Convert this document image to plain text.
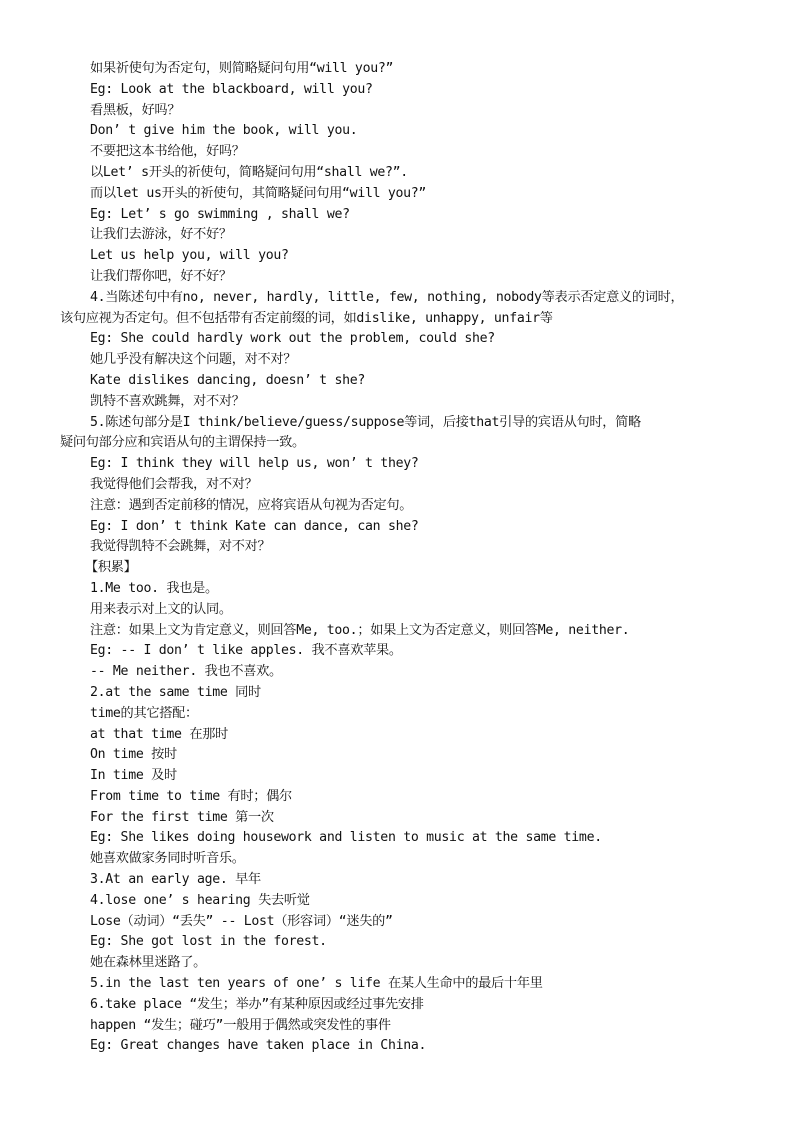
如果祈使句为否定句，则简略疑问句用“will you?”
Eg: Look at the blackboard, will you?
看黑板，好吗？
Don’ t give him the book, will you.
不要把这本书给他，好吗？
以Let’ s开头的祈使句，简略疑问句用“shall we?”.
而以let us开头的祈使句，其简略疑问句用“will you?”
Eg: Let’ s go swimming , shall we?
让我们去游泳，好不好？
Let us help you, will you?
让我们帮你吧，好不好？
4.当陈述句中有no, never, hardly, little, few, nothing, nobody等表示否定意义的词时，
该句应视为否定句。但不包括带有否定前缀的词，如dislike, unhappy, unfair等
Eg: She could hardly work out the problem, could she?
她几乎没有解决这个问题，对不对？
Kate dislikes dancing, doesn’ t she?
凯特不喜欢跳舞，对不对？
5.陈述句部分是I think/believe/guess/suppose等词，后接that引导的宾语从句时，简略
疑问句部分应和宾语从句的主谓保持一致。
Eg: I think they will help us, won’ t they?
我觉得他们会帮我，对不对？
注意：遇到否定前移的情况，应将宾语从句视为否定句。
Eg: I don’ t think Kate can dance, can she?
我觉得凯特不会跳舞，对不对？
【积累】
1.Me too. 我也是。
用来表示对上文的认同。
注意：如果上文为肯定意义，则回答Me, too.；如果上文为否定意义，则回答Me, neither.
Eg: -- I don’ t like apples. 我不喜欢苹果。
-- Me neither. 我也不喜欢。
2.at the same time 同时
time的其它搭配：
at that time 在那时
On time 按时
In time 及时
From time to time 有时；偶尔
For the first time 第一次
Eg: She likes doing housework and listen to music at the same time.
她喜欢做家务同时听音乐。
3.At an early age. 早年
4.lose one’ s hearing 失去听觉
Lose（动词）“丢失” -- Lost（形容词）“迷失的”
Eg: She got lost in the forest.
她在森林里迷路了。
5.in the last ten years of one’ s life 在某人生命中的最后十年里
6.take place “发生；举办”有某种原因或经过事先安排
happen “发生；碰巧”一般用于偶然或突发性的事件
Eg: Great changes have taken place in China.
